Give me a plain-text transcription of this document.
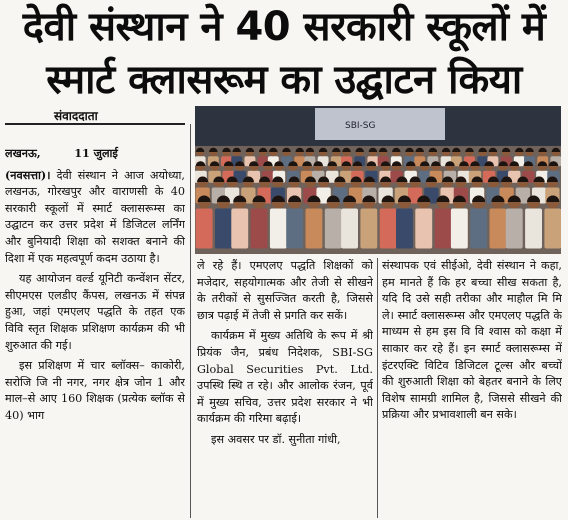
देवी संस्थान ने 40 सरकारी स्कूलों में
स्मार्ट क्लासरूम का उद्घाटन किया
संवाददाता
SBI-SG

लखनऊ,	11 जुलाई

(नवसत्ता)। देवी संस्थान ने आज अयोध्या, लखनऊ, गोरखपुर और वाराणसी के 40 सरकारी स्कूलों में स्मार्ट क्लासरूम्स का उद्घाटन कर उत्तर प्रदेश में डिजिटल लर्निंग और बुनियादी शिक्षा को सशक्त बनाने की दिशा में एक महत्वपूर्ण कदम उठाया है।

यह आयोजन वर्ल्ड यूनिटी कन्वेंशन सेंटर, सीएमएस एलडीए कैंपस, लखनऊ में संपन्न हुआ, जहां एमएलए पद्धति के तहत एक विवि स्तृत शिक्षक प्रशिक्षण कार्यक्रम की भी शुरुआत की गई।

इस प्रशिक्षण में चार ब्लॉक्स– काकोरी, सरोजि जि नी नगर, नगर क्षेत्र जोन 1 और माल–से आए 160 शिक्षक (प्रत्येक ब्लॉक से 40) भाग

ले रहे हैं। एमएलए पद्धति शिक्षकों को मजेदार, सहयोगात्मक और तेजी से सीखने के तरीकों से सुसज्जित करती है, जिससे छात्र पढ़ाई में तेजी से प्रगति कर सकें।

कार्यक्रम में मुख्य अतिथि के रूप में श्री प्रियंक जैन, प्रबंध निदेशक, SBI-SG Global Securities Pvt. Ltd. उपस्थि स्थि त रहे। और आलोक रंजन, पूर्व में मुख्य सचिव, उत्तर प्रदेश सरकार ने भी कार्यक्रम की गरिमा बढ़ाई।

इस अवसर पर डॉ. सुनीता गांधी,

संस्थापक एवं सीईओ, देवी संस्थान ने कहा, हम मानते हैं कि हर बच्चा सीख सकता है, यदि दि उसे सही तरीका और माहौल मि मि ले। स्मार्ट क्लासरूम्स और एमएलए पद्धति के माध्यम से हम इस वि वि श्वास को कक्षा में साकार कर रहे हैं। इन स्मार्ट क्लासरूम्स में इंटरएक्टि विटिव डिजिटल टूल्स और बच्चों की शुरुआती शिक्षा को बेहतर बनाने के लिए विशेष सामग्री शामिल है, जिससे सीखने की प्रक्रिया और प्रभावशाली बन सके।
